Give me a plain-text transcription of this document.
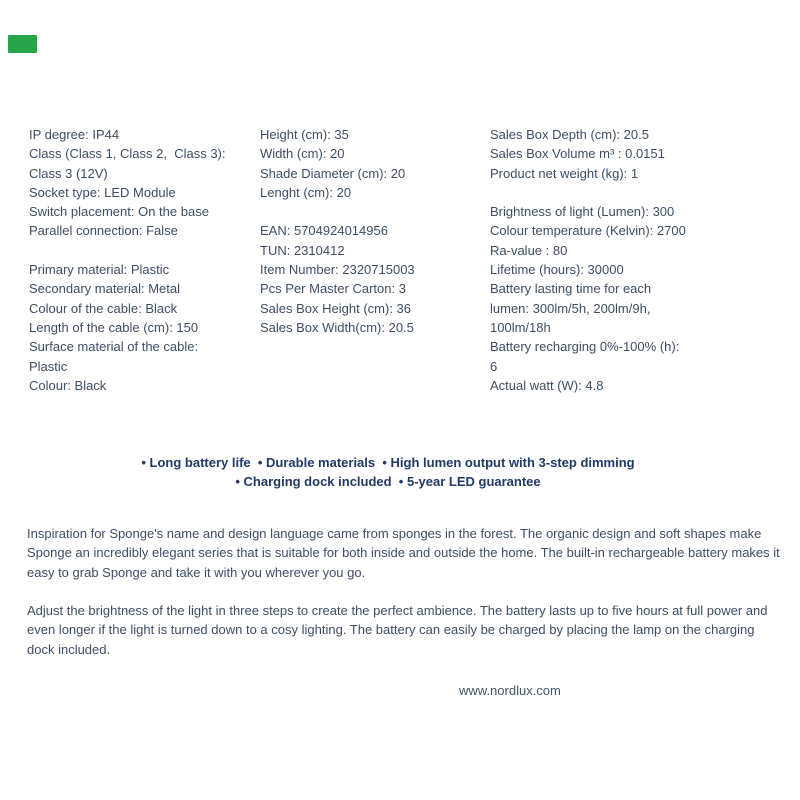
IP degree: IP44
Class (Class 1, Class 2,  Class 3):
Class 3 (12V)
Socket type: LED Module
Switch placement: On the base
Parallel connection: False
Primary material: Plastic
Secondary material: Metal
Colour of the cable: Black
Length of the cable (cm): 150
Surface material of the cable:
Plastic
Colour: Black
Height (cm): 35
Width (cm): 20
Shade Diameter (cm): 20
Lenght (cm): 20
EAN: 5704924014956
TUN: 2310412
Item Number: 2320715003
Pcs Per Master Carton: 3
Sales Box Height (cm): 36
Sales Box Width(cm): 20.5
Sales Box Depth (cm): 20.5
Sales Box Volume m³ : 0.0151
Product net weight (kg): 1
Brightness of light (Lumen): 300
Colour temperature (Kelvin): 2700
Ra-value : 80
Lifetime (hours): 30000
Battery lasting time for each
lumen: 300lm/5h, 200lm/9h,
100lm/18h
Battery recharging 0%-100% (h):
6
Actual watt (W): 4.8
• Long battery life  • Durable materials  • High lumen output with 3-step dimming
• Charging dock included  • 5-year LED guarantee
Inspiration for Sponge's name and design language came from sponges in the forest. The organic design and soft shapes make Sponge an incredibly elegant series that is suitable for both inside and outside the home. The built-in rechargeable battery makes it easy to grab Sponge and take it with you wherever you go.
Adjust the brightness of the light in three steps to create the perfect ambience. The battery lasts up to five hours at full power and even longer if the light is turned down to a cosy lighting. The battery can easily be charged by placing the lamp on the charging dock included.
www.nordlux.com
